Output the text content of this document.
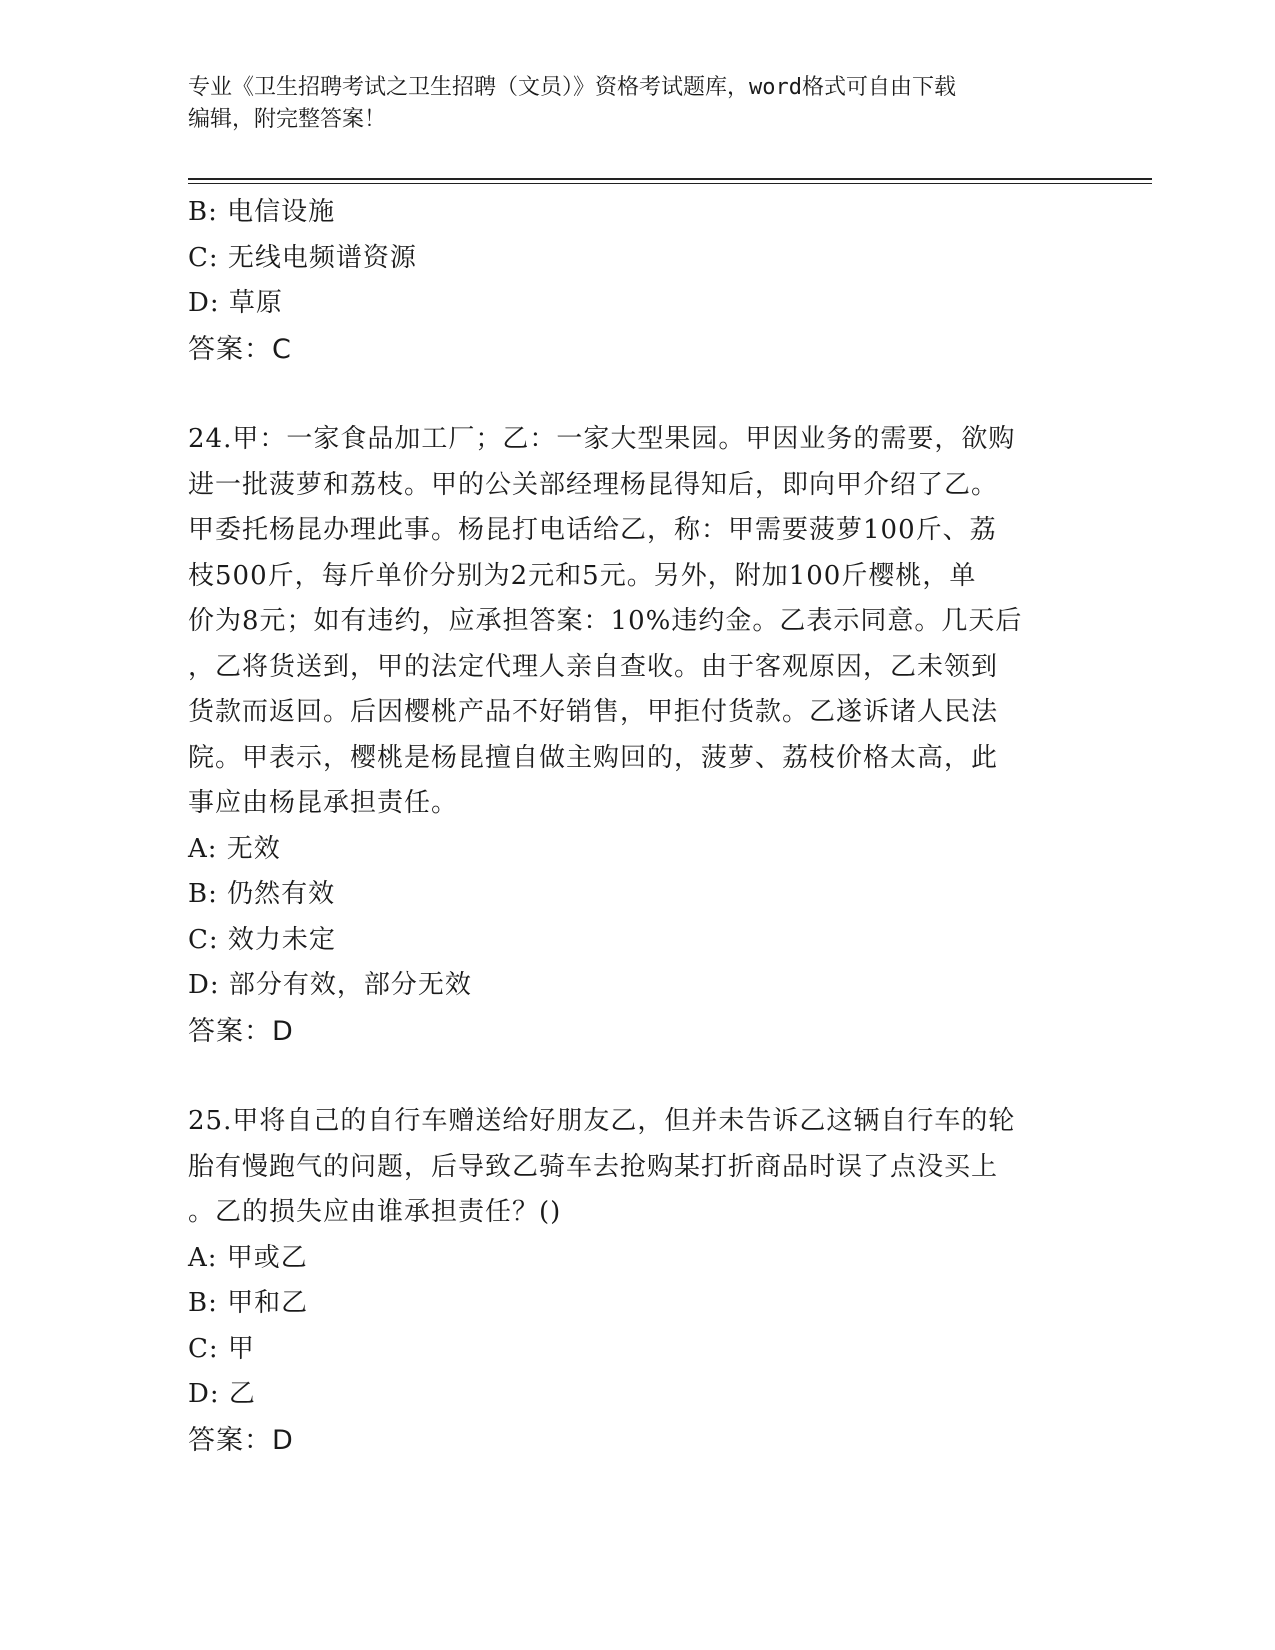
专业《卫生招聘考试之卫生招聘（文员）》资格考试题库，word格式可自由下载
编辑，附完整答案！

B: 电信设施

C: 无线电频谱资源

D: 草原

答案：C

24.甲：一家食品加工厂；乙：一家大型果园。甲因业务的需要，欲购

进一批菠萝和荔枝。甲的公关部经理杨昆得知后，即向甲介绍了乙。

甲委托杨昆办理此事。杨昆打电话给乙，称：甲需要菠萝100斤、荔

枝500斤，每斤单价分别为2元和5元。另外，附加100斤樱桃，单

价为8元；如有违约，应承担答案：10%违约金。乙表示同意。几天后

，乙将货送到，甲的法定代理人亲自查收。由于客观原因，乙未领到

货款而返回。后因樱桃产品不好销售，甲拒付货款。乙遂诉诸人民法

院。甲表示，樱桃是杨昆擅自做主购回的，菠萝、荔枝价格太高，此

事应由杨昆承担责任。

A: 无效

B: 仍然有效

C: 效力未定

D: 部分有效，部分无效

答案：D

25.甲将自己的自行车赠送给好朋友乙，但并未告诉乙这辆自行车的轮

胎有慢跑气的问题，后导致乙骑车去抢购某打折商品时误了点没买上

。乙的损失应由谁承担责任？()

A: 甲或乙

B: 甲和乙

C: 甲

D: 乙

答案：D
